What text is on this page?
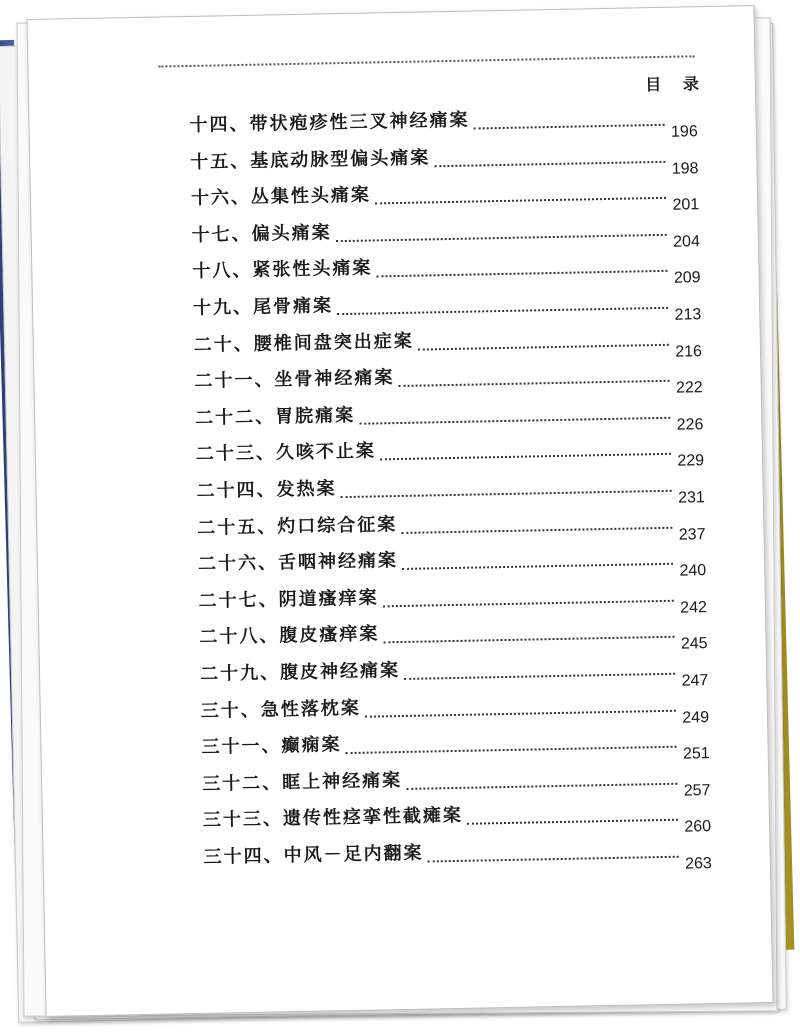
目 录
十四、带状疱疹性三叉神经痛案	196
十五、基底动脉型偏头痛案	198
十六、丛集性头痛案	201
十七、偏头痛案	204
十八、紧张性头痛案	209
十九、尾骨痛案	213
二十、腰椎间盘突出症案	216
二十一、坐骨神经痛案	222
二十二、胃脘痛案	226
二十三、久咳不止案	229
二十四、发热案	231
二十五、灼口综合征案	237
二十六、舌咽神经痛案	240
二十七、阴道瘙痒案	242
二十八、腹皮瘙痒案	245
二十九、腹皮神经痛案	247
三十、急性落枕案	249
三十一、癫痫案	251
三十二、眶上神经痛案	257
三十三、遗传性痉挛性截瘫案	260
三十四、中风－足内翻案	263
